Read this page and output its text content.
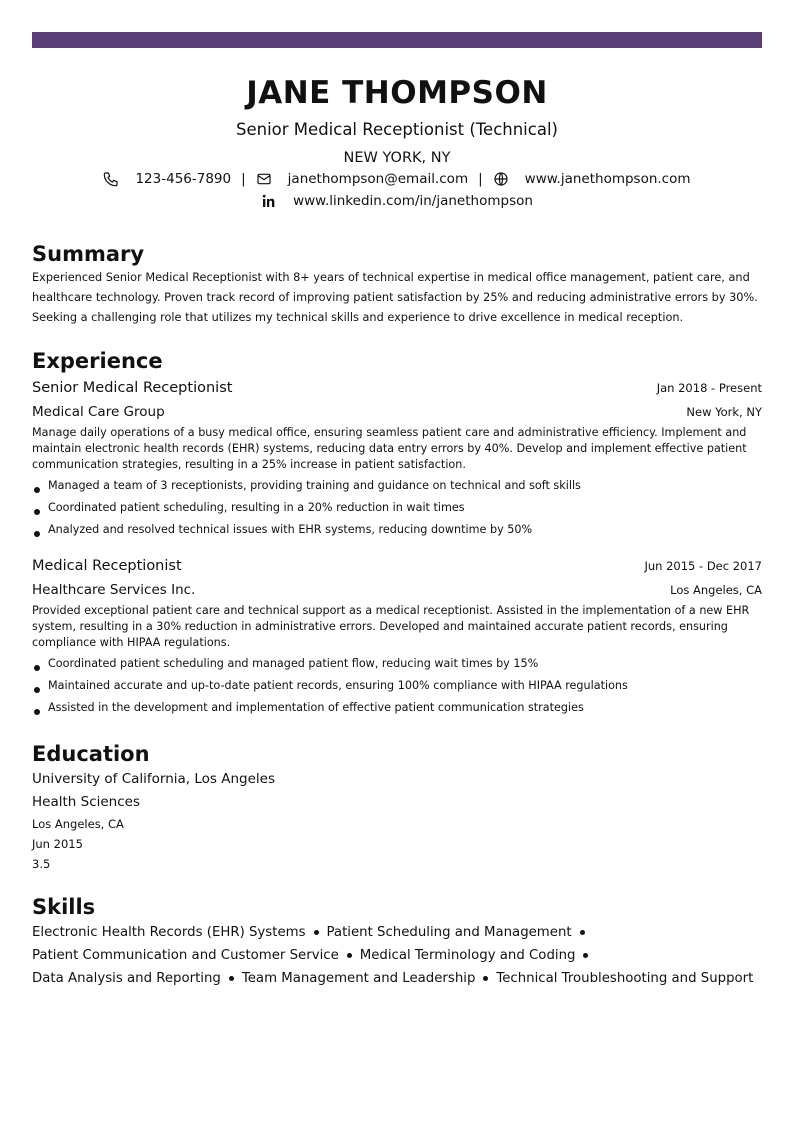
JANE THOMPSON
Senior Medical Receptionist (Technical)
NEW YORK, NY
123-456-7890 |	janethompson@email.com |	www.janethompson.com
www.linkedin.com/in/janethompson
Summary
Experienced Senior Medical Receptionist with 8+ years of technical expertise in medical office management, patient care, and
healthcare technology. Proven track record of improving patient satisfaction by 25% and reducing administrative errors by 30%.
Seeking a challenging role that utilizes my technical skills and experience to drive excellence in medical reception.
Experience
Senior Medical Receptionist	Jan 2018 - Present
Medical Care Group	New York, NY
Manage daily operations of a busy medical office, ensuring seamless patient care and administrative efficiency. Implement and maintain electronic health records (EHR) systems, reducing data entry errors by 40%. Develop and implement effective patient communication strategies, resulting in a 25% increase in patient satisfaction.
Managed a team of 3 receptionists, providing training and guidance on technical and soft skills
Coordinated patient scheduling, resulting in a 20% reduction in wait times
Analyzed and resolved technical issues with EHR systems, reducing downtime by 50%
Medical Receptionist	Jun 2015 - Dec 2017
Healthcare Services Inc.	Los Angeles, CA
Provided exceptional patient care and technical support as a medical receptionist. Assisted in the implementation of a new EHR system, resulting in a 30% reduction in administrative errors. Developed and maintained accurate patient records, ensuring compliance with HIPAA regulations.
Coordinated patient scheduling and managed patient flow, reducing wait times by 15%
Maintained accurate and up-to-date patient records, ensuring 100% compliance with HIPAA regulations
Assisted in the development and implementation of effective patient communication strategies
Education
University of California, Los Angeles
Health Sciences
Los Angeles, CA
Jun 2015
3.5
Skills
Electronic Health Records (EHR) Systems Patient Scheduling and Management
Patient Communication and Customer Service Medical Terminology and Coding
Data Analysis and Reporting Team Management and Leadership Technical Troubleshooting and Support
